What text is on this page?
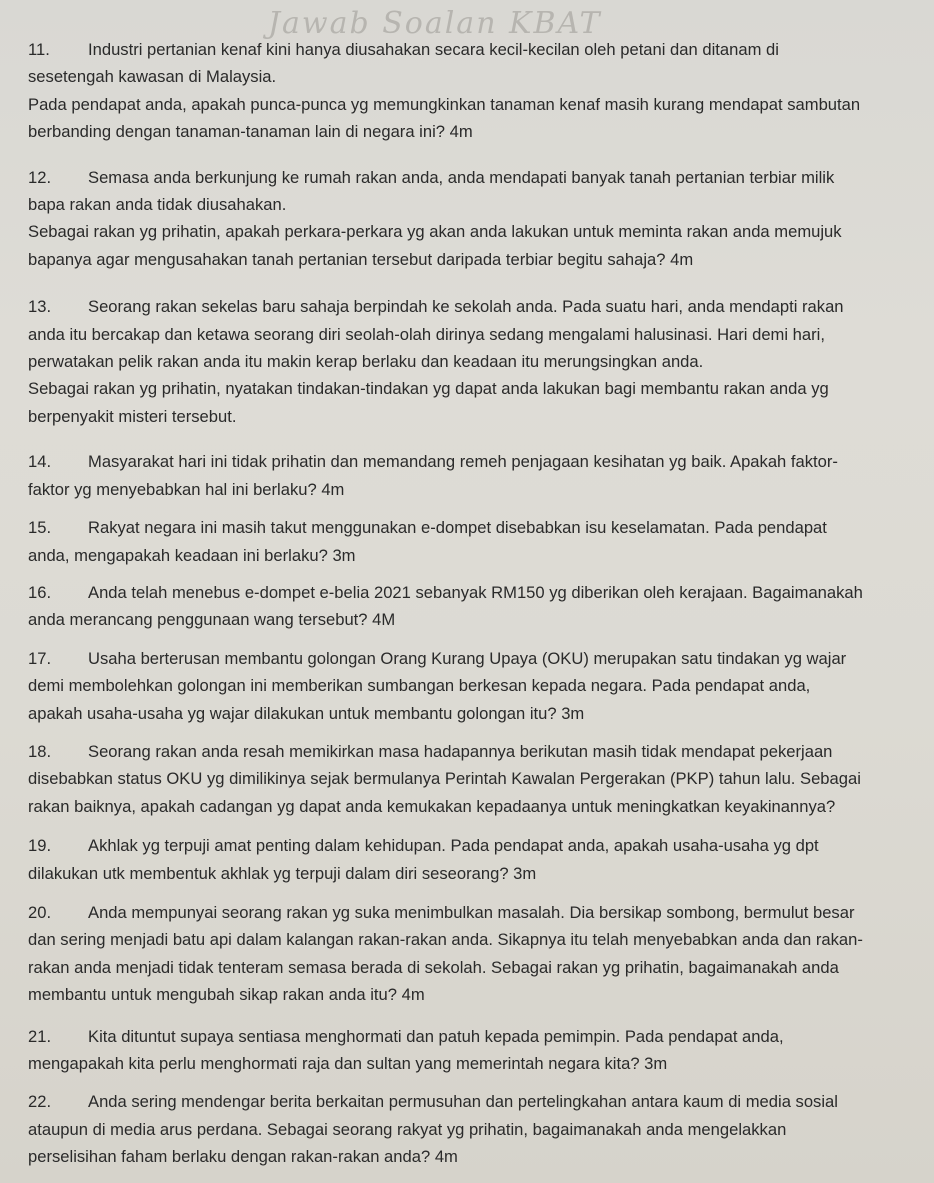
Jawab Soalan KBAT
11. Industri pertanian kenaf kini hanya diusahakan secara kecil-kecilan oleh petani dan ditanam di
sesetengah kawasan di Malaysia.
Pada pendapat anda, apakah punca-punca yg memungkinkan tanaman kenaf masih kurang mendapat sambutan
berbanding dengan tanaman-tanaman lain di negara ini? 4m
12. Semasa anda berkunjung ke rumah rakan anda, anda mendapati banyak tanah pertanian terbiar milik
bapa rakan anda tidak diusahakan.
Sebagai rakan yg prihatin, apakah perkara-perkara yg akan anda lakukan untuk meminta rakan anda memujuk
bapanya agar mengusahakan tanah pertanian tersebut daripada terbiar begitu sahaja? 4m
13. Seorang rakan sekelas baru sahaja berpindah ke sekolah anda. Pada suatu hari, anda mendapti rakan
anda itu bercakap dan ketawa seorang diri seolah-olah dirinya sedang mengalami halusinasi. Hari demi hari,
perwatakan pelik rakan anda itu makin kerap berlaku dan keadaan itu merungsingkan anda.
Sebagai rakan yg prihatin, nyatakan tindakan-tindakan yg dapat anda lakukan bagi membantu rakan anda yg
berpenyakit misteri tersebut.
14. Masyarakat hari ini tidak prihatin dan memandang remeh penjagaan kesihatan yg baik. Apakah faktor-
faktor yg menyebabkan hal ini berlaku? 4m
15. Rakyat negara ini masih takut menggunakan e-dompet disebabkan isu keselamatan. Pada pendapat
anda, mengapakah keadaan ini berlaku? 3m
16. Anda telah menebus e-dompet e-belia 2021 sebanyak RM150 yg diberikan oleh kerajaan. Bagaimanakah
anda merancang penggunaan wang tersebut? 4M
17. Usaha berterusan membantu golongan Orang Kurang Upaya (OKU) merupakan satu tindakan yg wajar
demi membolehkan golongan ini memberikan sumbangan berkesan kepada negara. Pada pendapat anda,
apakah usaha-usaha yg wajar dilakukan untuk membantu golongan itu? 3m
18. Seorang rakan anda resah memikirkan masa hadapannya berikutan masih tidak mendapat pekerjaan
disebabkan status OKU yg dimilikinya sejak bermulanya Perintah Kawalan Pergerakan (PKP) tahun lalu. Sebagai
rakan baiknya, apakah cadangan yg dapat anda kemukakan kepadaanya untuk meningkatkan keyakinannya?
19. Akhlak yg terpuji amat penting dalam kehidupan. Pada pendapat anda, apakah usaha-usaha yg dpt
dilakukan utk membentuk akhlak yg terpuji dalam diri seseorang? 3m
20. Anda mempunyai seorang rakan yg suka menimbulkan masalah. Dia bersikap sombong, bermulut besar
dan sering menjadi batu api dalam kalangan rakan-rakan anda. Sikapnya itu telah menyebabkan anda dan rakan-
rakan anda menjadi tidak tenteram semasa berada di sekolah. Sebagai rakan yg prihatin, bagaimanakah anda
membantu untuk mengubah sikap rakan anda itu? 4m
21. Kita dituntut supaya sentiasa menghormati dan patuh kepada pemimpin. Pada pendapat anda,
mengapakah kita perlu menghormati raja dan sultan yang memerintah negara kita? 3m
22. Anda sering mendengar berita berkaitan permusuhan dan pertelingkahan antara kaum di media sosial
ataupun di media arus perdana. Sebagai seorang rakyat yg prihatin, bagaimanakah anda mengelakkan
perselisihan faham berlaku dengan rakan-rakan anda? 4m
